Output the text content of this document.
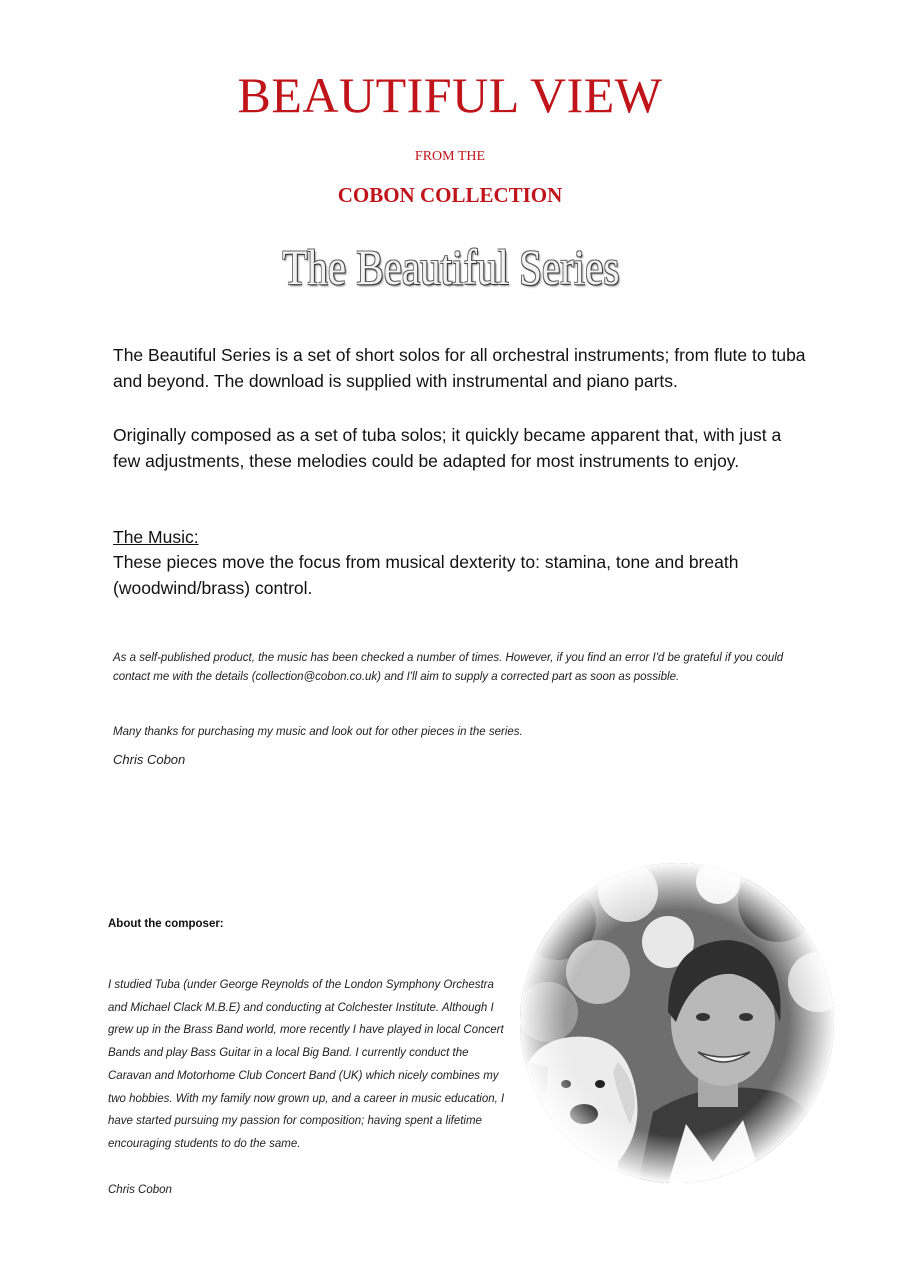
BEAUTIFUL VIEW
FROM THE
COBON COLLECTION
The Beautiful Series
The Beautiful Series is a set of short solos for all orchestral instruments; from flute to tuba and beyond. The download is supplied with instrumental and piano parts.
Originally composed as a set of tuba solos; it quickly became apparent that, with just a few adjustments, these melodies could be adapted for most instruments to enjoy.
The Music:
These pieces move the focus from musical dexterity to: stamina, tone and breath (woodwind/brass) control.
As a self-published product, the music has been checked a number of times. However, if you find an error I'd be grateful if you could contact me with the details (collection@cobon.co.uk) and I'll aim to supply a corrected part as soon as possible.
Many thanks for purchasing my music and look out for other pieces in the series.
Chris Cobon
About the composer:
I studied Tuba (under George Reynolds of the London Symphony Orchestra and Michael Clack M.B.E) and conducting at Colchester Institute. Although I grew up in the Brass Band world, more recently I have played in local Concert Bands and play Bass Guitar in a local Big Band. I currently conduct the Caravan and Motorhome Club Concert Band (UK) which nicely combines my two hobbies. With my family now grown up, and a career in music education, I have started pursuing my passion for composition; having spent a lifetime encouraging students to do the same.
Chris Cobon
